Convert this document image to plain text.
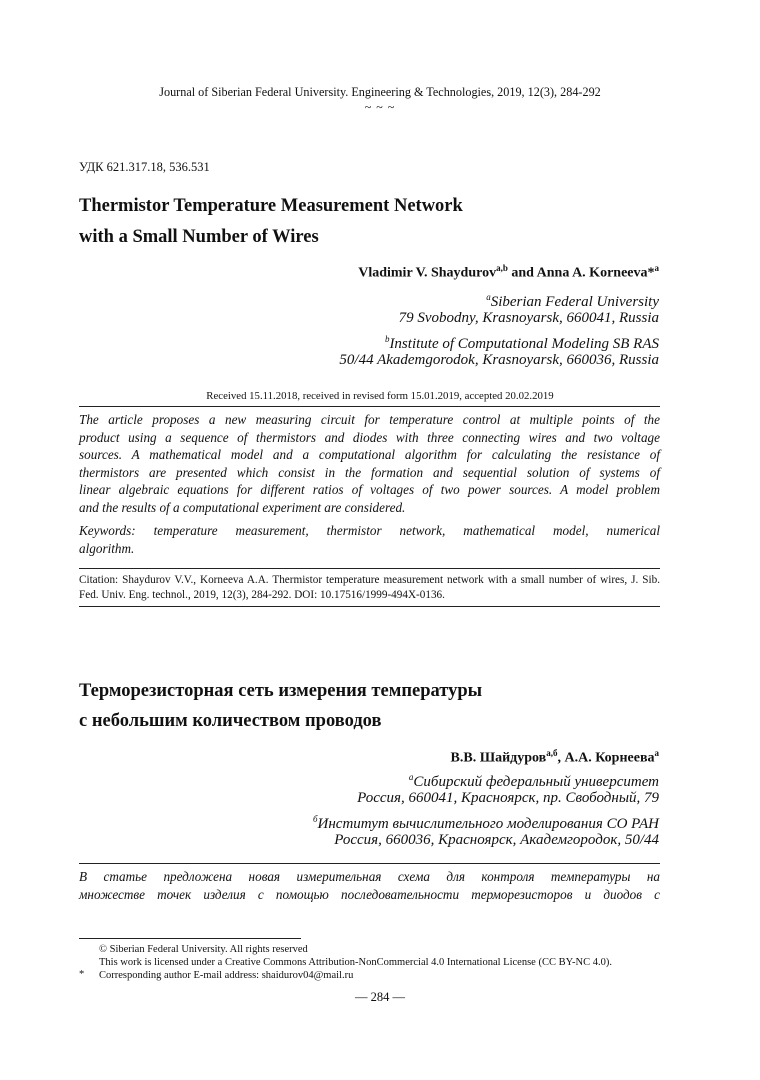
Journal of Siberian Federal University. Engineering & Technologies, 2019, 12(3), 284-292
~ ~ ~
УДК 621.317.18, 536.531
Thermistor Temperature Measurement Network
with a Small Number of Wires
Vladimir V. Shaydurov$^{a,b}$ and Anna A. Korneeva*$^a$
$^a$Siberian Federal University
79 Svobodny, Krasnoyarsk, 660041, Russia
$^b$Institute of Computational Modeling SB RAS
50/44 Akademgorodok, Krasnoyarsk, 660036, Russia
Received 15.11.2018, received in revised form 15.01.2019, accepted 20.02.2019
The article proposes a new measuring circuit for temperature control at multiple points of the
product using a sequence of thermistors and diodes with three connecting wires and two voltage
sources. A mathematical model and a computational algorithm for calculating the resistance of
thermistors are presented which consist in the formation and sequential solution of systems of
linear algebraic equations for different ratios of voltages of two power sources. A model problem
and the results of a computational experiment are considered.
Keywords: temperature measurement, thermistor network, mathematical model, numerical
algorithm.
Citation: Shaydurov V.V., Korneeva A.A. Thermistor temperature measurement network with a small number of wires, J. Sib.
Fed. Univ. Eng. technol., 2019, 12(3), 284-292. DOI: 10.17516/1999-494X-0136.
Терморезисторная сеть измерения температуры
с небольшим количеством проводов
В.В. Шайдуров$^{а,б}$, А.А. Корнеева$^а$
$^а$Сибирский федеральный университет
Россия, 660041, Красноярск, пр. Свободный, 79
$^б$Институт вычислительного моделирования СО РАН
Россия, 660036, Красноярск, Академгородок, 50/44
В статье предложена новая измерительная схема для контроля температуры на
множестве точек изделия с помощью последовательности терморезисторов и диодов с
© Siberian Federal University. All rights reserved
This work is licensed under a Creative Commons Attribution-NonCommercial 4.0 International License (CC BY-NC 4.0).
* Corresponding author E-mail address: shaidurov04@mail.ru
— 284 —
